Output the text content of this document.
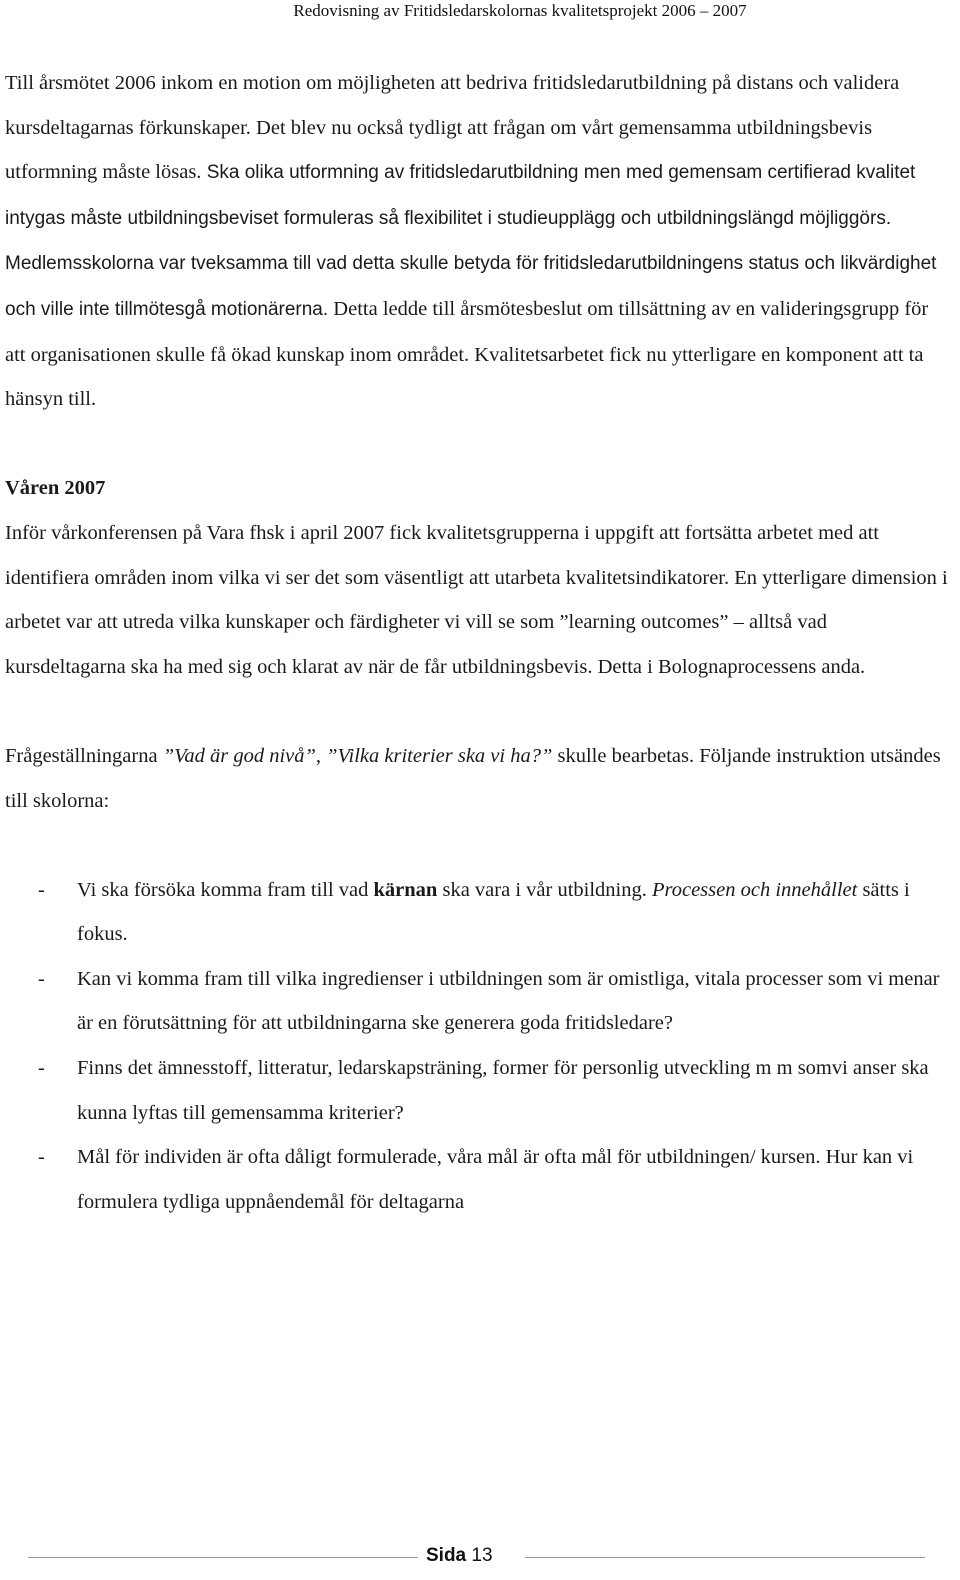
Redovisning av Fritidsledarskolornas kvalitetsprojekt 2006 – 2007

Till årsmötet 2006 inkom en motion om möjligheten att bedriva fritidsledarutbildning på distans och validera kursdeltagarnas förkunskaper. Det blev nu också tydligt att frågan om vårt gemensamma utbildningsbevis utformning måste lösas. Ska olika utformning av fritidsledarutbildning men med gemensam certifierad kvalitet intygas måste utbildningsbeviset formuleras så flexibilitet i studieupplägg och utbildningslängd möjliggörs. Medlemsskolorna var tveksamma till vad detta skulle betyda för fritidsledarutbildningens status och likvärdighet och ville inte tillmötesgå motionärerna. Detta ledde till årsmötesbeslut om tillsättning av en valideringsgrupp för att organisationen skulle få ökad kunskap inom området. Kvalitetsarbetet fick nu ytterligare en komponent att ta hänsyn till.

Våren 2007

Inför vårkonferensen på Vara fhsk i april 2007 fick kvalitetsgrupperna i uppgift att fortsätta arbetet med att identifiera områden inom vilka vi ser det som väsentligt att utarbeta kvalitetsindikatorer. En ytterligare dimension i arbetet var att utreda vilka kunskaper och färdigheter vi vill se som ”learning outcomes” – alltså vad kursdeltagarna ska ha med sig och klarat av när de får utbildningsbevis. Detta i Bolognaprocessens anda.

Frågeställningarna ”Vad är god nivå”, ”Vilka kriterier ska vi ha?” skulle bearbetas. Följande instruktion utsändes till skolorna:

- Vi ska försöka komma fram till vad kärnan ska vara i vår utbildning. Processen och innehållet sätts i fokus.
- Kan vi komma fram till vilka ingredienser i utbildningen som är omistliga, vitala processer som vi menar är en förutsättning för att utbildningarna ske generera goda fritidsledare?
- Finns det ämnesstoff, litteratur, ledarskapsträning, former för personlig utveckling m m somvi anser ska kunna lyftas till gemensamma kriterier?
- Mål för individen är ofta dåligt formulerade, våra mål är ofta mål för utbildningen/ kursen. Hur kan vi formulera tydliga uppnåendemål för deltagarna
Sida 13
